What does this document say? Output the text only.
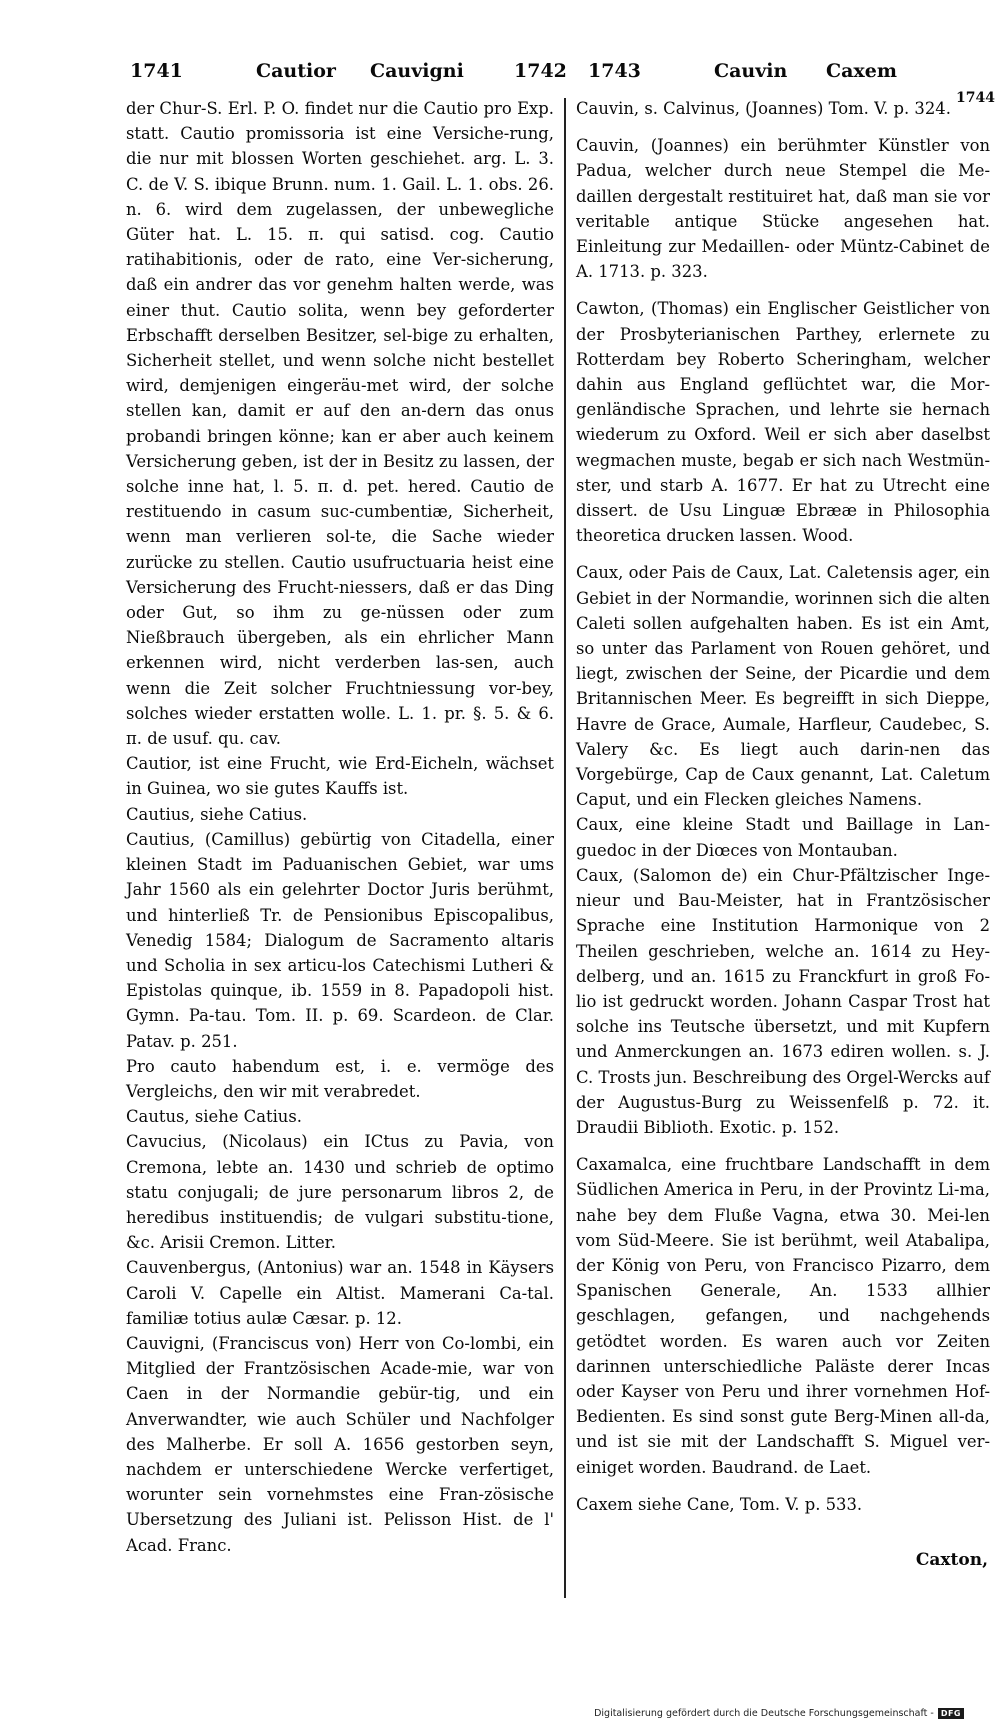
1741	Cautior Cauvigni	1742 1743	Cauvin Caxem
1744

der Chur-S. Erl. P. O. findet nur die Cautio pro Exp. statt. Cautio promissoria ist eine Versiche-rung, die nur mit blossen Worten geschiehet. arg. L. 3. C. de V. S. ibique Brunn. num. 1. Gail. L. 1. obs. 26. n. 6. wird dem zugelassen, der unbewegliche Güter hat. L. 15. π. qui satisd. cog. Cautio ratihabitionis, oder de rato, eine Ver-sicherung, daß ein andrer das vor genehm halten werde, was einer thut. Cautio solita, wenn bey geforderter Erbschafft derselben Besitzer, sel-bige zu erhalten, Sicherheit stellet, und wenn solche nicht bestellet wird, demjenigen eingeräu-met wird, der solche stellen kan, damit er auf den an-dern das onus probandi bringen könne; kan er aber auch keinem Versicherung geben, ist der in Besitz zu lassen, der solche inne hat, l. 5. π. d. pet. hered. Cautio de restituendo in casum suc-cumbentiæ, Sicherheit, wenn man verlieren sol-te, die Sache wieder zurücke zu stellen. Cautio usufructuaria heist eine Versicherung des Frucht-niessers, daß er das Ding oder Gut, so ihm zu ge-nüssen oder zum Nießbrauch übergeben, als ein ehrlicher Mann erkennen wird, nicht verderben las-sen, auch wenn die Zeit solcher Fruchtniessung vor-bey, solches wieder erstatten wolle. L. 1. pr. §. 5. & 6. π. de usuf. qu. cav.

Cautior, ist eine Frucht, wie Erd-Eicheln, wächset in Guinea, wo sie gutes Kauffs ist.

Cautius, siehe Catius.

Cautius, (Camillus) gebürtig von Citadella, einer kleinen Stadt im Paduanischen Gebiet, war ums Jahr 1560 als ein gelehrter Doctor Juris berühmt, und hinterließ Tr. de Pensionibus Episcopalibus, Venedig 1584; Dialogum de Sacramento altaris und Scholia in sex articu-los Catechismi Lutheri & Epistolas quinque, ib. 1559 in 8. Papadopoli hist. Gymn. Pa-tau. Tom. II. p. 69. Scardeon. de Clar. Patav. p. 251.

Pro cauto habendum est, i. e. vermöge des Vergleichs, den wir mit verabredet.

Cautus, siehe Catius.

Cavucius, (Nicolaus) ein ICtus zu Pavia, von Cremona, lebte an. 1430 und schrieb de optimo statu conjugali; de jure personarum libros 2, de heredibus instituendis; de vulgari substitu-tione, &c. Arisii Cremon. Litter.

Cauvenbergus, (Antonius) war an. 1548 in Käysers Caroli V. Capelle ein Altist. Mamerani Ca-tal. familiæ totius aulæ Cæsar. p. 12.

Cauvigni, (Franciscus von) Herr von Co-lombi, ein Mitglied der Frantzösischen Acade-mie, war von Caen in der Normandie gebür-tig, und ein Anverwandter, wie auch Schüler und Nachfolger des Malherbe. Er soll A. 1656 gestorben seyn, nachdem er unterschiedene Wercke verfertiget, worunter sein vornehmstes eine Fran-zösische Ubersetzung des Juliani ist. Pelisson Hist. de l' Acad. Franc.

Cauvin, s. Calvinus, (Joannes) Tom. V. p. 324.

Cauvin, (Joannes) ein berühmter Künstler von Padua, welcher durch neue Stempel die Me-daillen dergestalt restituiret hat, daß man sie vor veritable antique Stücke angesehen hat. Einleitung zur Medaillen- oder Müntz-Cabinet de A. 1713. p. 323.

Cawton, (Thomas) ein Englischer Geistlicher von der Prosbyterianischen Parthey, erlernete zu Rotterdam bey Roberto Scheringham, welcher dahin aus England geflüchtet war, die Mor-genländische Sprachen, und lehrte sie hernach wiederum zu Oxford. Weil er sich aber daselbst wegmachen muste, begab er sich nach Westmün-ster, und starb A. 1677. Er hat zu Utrecht eine dissert. de Usu Linguæ Ebrææ in Philosophia theoretica drucken lassen. Wood.

Caux, oder Pais de Caux, Lat. Caletensis ager, ein Gebiet in der Normandie, worinnen sich die alten Caleti sollen aufgehalten haben. Es ist ein Amt, so unter das Parlament von Rouen gehöret, und liegt, zwischen der Seine, der Picardie und dem Britannischen Meer. Es begreifft in sich Dieppe, Havre de Grace, Aumale, Harfleur, Caudebec, S. Valery &c. Es liegt auch darin-nen das Vorgebürge, Cap de Caux genannt, Lat. Caletum Caput, und ein Flecken gleiches Namens.

Caux, eine kleine Stadt und Baillage in Lan-guedoc in der Diœces von Montauban.

Caux, (Salomon de) ein Chur-Pfältzischer Inge-nieur und Bau-Meister, hat in Frantzösischer Sprache eine Institution Harmonique von 2 Theilen geschrieben, welche an. 1614 zu Hey-delberg, und an. 1615 zu Franckfurt in groß Fo-lio ist gedruckt worden. Johann Caspar Trost hat solche ins Teutsche übersetzt, und mit Kupfern und Anmerckungen an. 1673 ediren wollen. s. J. C. Trosts jun. Beschreibung des Orgel-Wercks auf der Augustus-Burg zu Weissenfelß p. 72. it. Draudii Biblioth. Exotic. p. 152.

Caxamalca, eine fruchtbare Landschafft in dem Südlichen America in Peru, in der Provintz Li-ma, nahe bey dem Fluße Vagna, etwa 30. Mei-len vom Süd-Meere. Sie ist berühmt, weil Atabalipa, der König von Peru, von Francisco Pizarro, dem Spanischen Generale, An. 1533 allhier geschlagen, gefangen, und nachgehends getödtet worden. Es waren auch vor Zeiten darinnen unterschiedliche Paläste derer Incas oder Kayser von Peru und ihrer vornehmen Hof-Bedienten. Es sind sonst gute Berg-Minen all-da, und ist sie mit der Landschafft S. Miguel ver-einiget worden. Baudrand. de Laet.

Caxem siehe Cane, Tom. V. p. 533.

Caxton,
Digitalisierung gefördert durch die Deutsche Forschungsgemeinschaft - DFG
